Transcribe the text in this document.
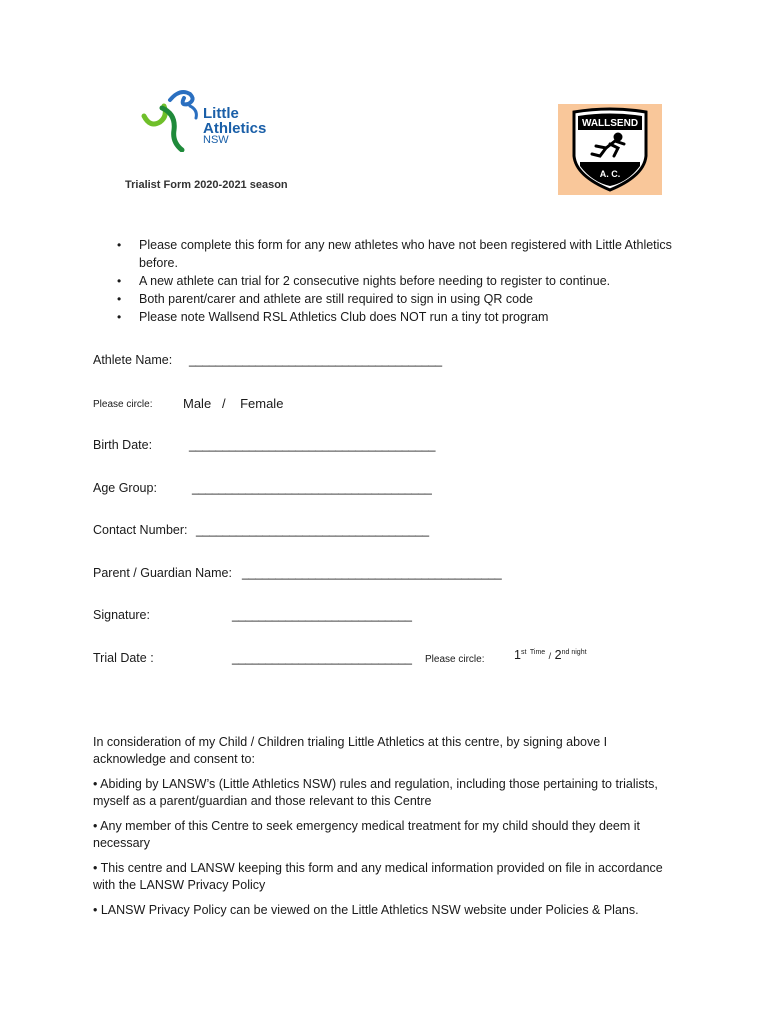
Little
Athletics
NSW
Trialist Form 2020-2021 season
WALLSEND
A. C.
• Please complete this form for any new athletes who have not been registered with Little Athletics before.
• A new athlete can trial for 2 consecutive nights before needing to register to continue.
• Both parent/carer and athlete are still required to sign in using QR code
• Please note Wallsend RSL Athletics Club does NOT run a tiny tot program
Athlete Name: ______________________________________
Please circle: Male   /    Female
Birth Date:	_____________________________________
Age Group:	____________________________________
Contact Number: ___________________________________
Parent / Guardian Name: _______________________________________
Signature:	___________________________
Trial Date :	___________________________ Please circle: 1st $^{Time} / 2^{nd night}$

In consideration of my Child / Children trialing Little Athletics at this centre, by signing above I acknowledge and consent to:

• Abiding by LANSW’s (Little Athletics NSW) rules and regulation, including those pertaining to trialists, myself as a parent/guardian and those relevant to this Centre

• Any member of this Centre to seek emergency medical treatment for my child should they deem it necessary

• This centre and LANSW keeping this form and any medical information provided on file in accordance with the LANSW Privacy Policy

• LANSW Privacy Policy can be viewed on the Little Athletics NSW website under Policies & Plans.
